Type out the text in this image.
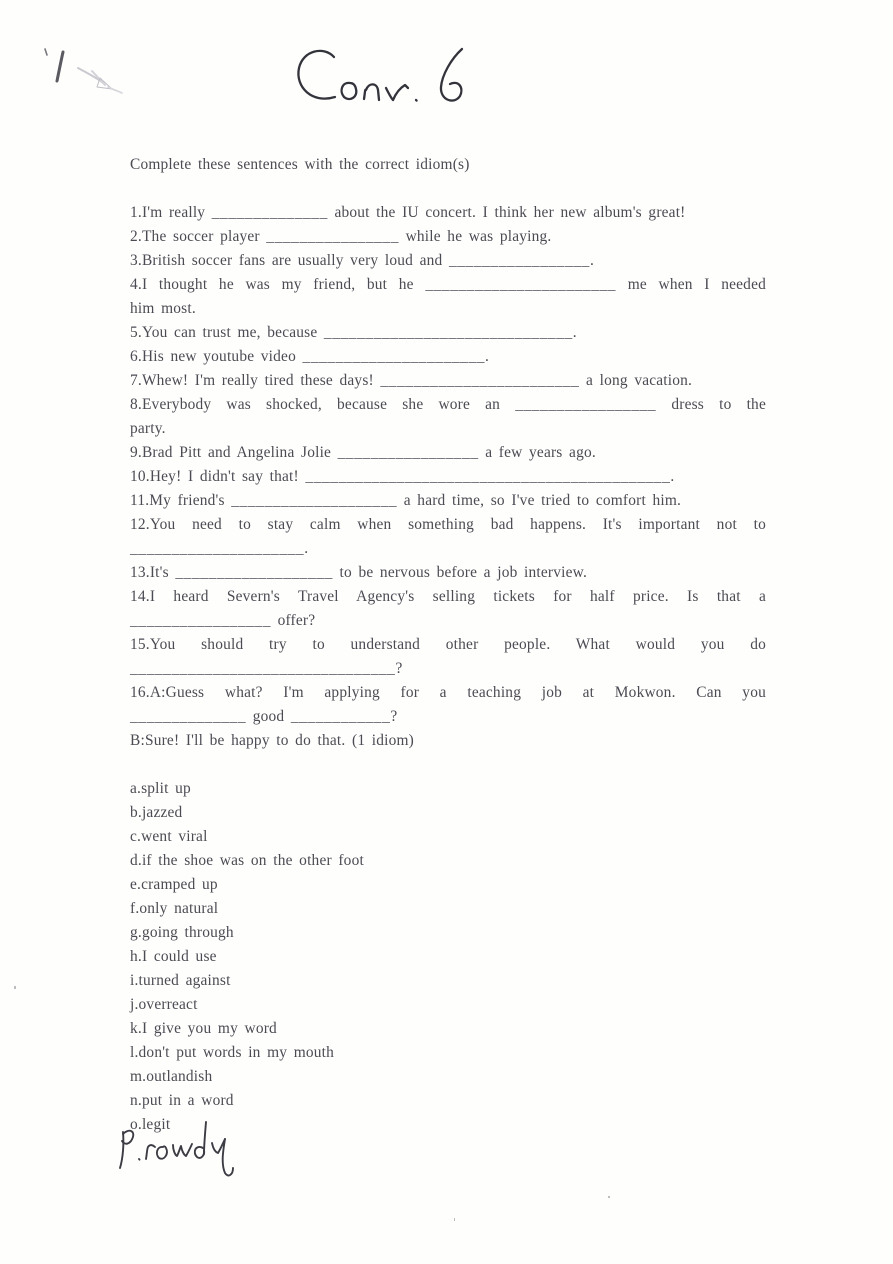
Complete these sentences with the correct idiom(s)
1.I'm really ______________ about the IU concert. I think her new album's great!
2.The soccer player ________________ while he was playing.
3.British soccer fans are usually very loud and _________________.
4.I thought he was my friend, but he _______________________ me when I needed
him most.
5.You can trust me, because ______________________________.
6.His new youtube video ______________________.
7.Whew! I'm really tired these days! ________________________ a long vacation.
8.Everybody was shocked, because she wore an _________________ dress to the
party.
9.Brad Pitt and Angelina Jolie _________________ a few years ago.
10.Hey! I didn't say that! ____________________________________________.
11.My friend's ____________________ a hard time, so I've tried to comfort him.
12.You need to stay calm when something bad happens. It's important not to
_____________________.
13.It's ___________________ to be nervous before a job interview.
14.I heard Severn's Travel Agency's selling tickets for half price. Is that a
_________________ offer?
15.You should try to understand other people. What would you do
________________________________?
16.A:Guess what? I'm applying for a teaching job at Mokwon. Can you
______________ good ____________?
B:Sure! I'll be happy to do that. (1 idiom)
a.split up
b.jazzed
c.went viral
d.if the shoe was on the other foot
e.cramped up
f.only natural
g.going through
h.I could use
i.turned against
j.overreact
k.I give you my word
l.don't put words in my mouth
m.outlandish
n.put in a word
o.legit
